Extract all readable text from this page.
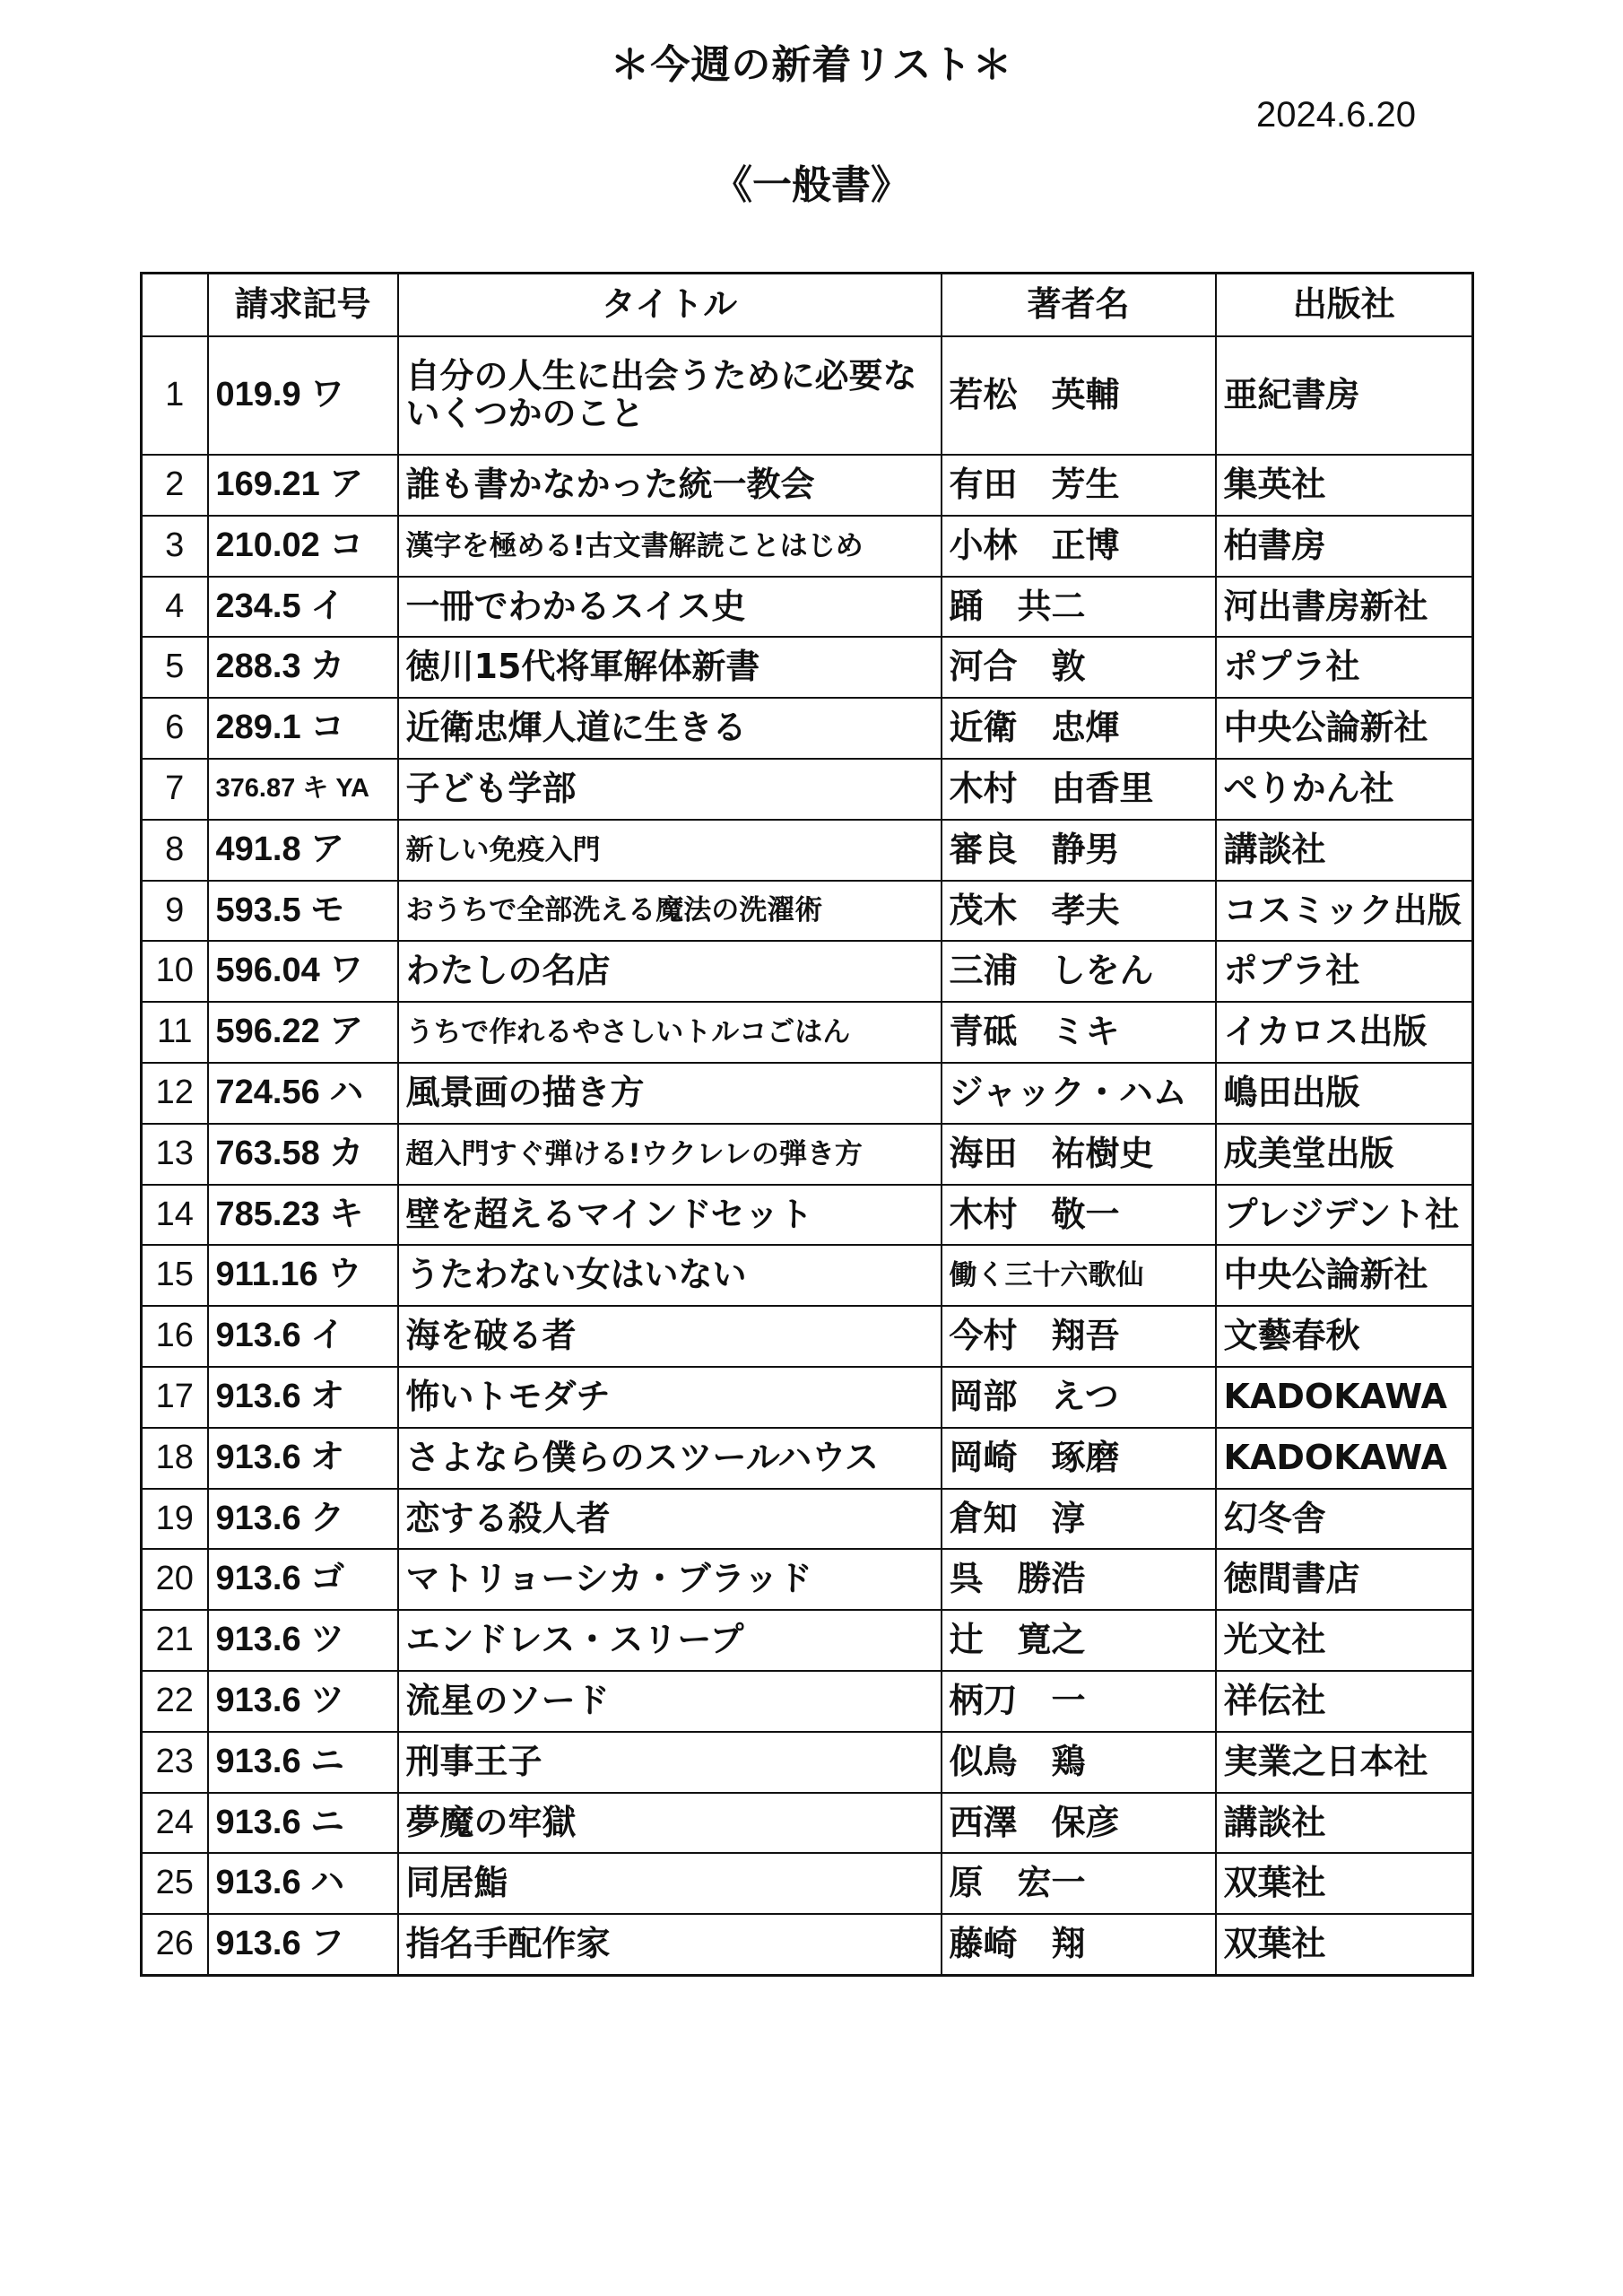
＊今週の新着リスト＊
2024.6.20
《一般書》
	請求記号	タイトル	著者名	出版社
1	019.9 ワ	自分の人生に出会うために必要ないくつかのこと	若松　英輔	亜紀書房
2	169.21 ア	誰も書かなかった統一教会	有田　芳生	集英社
3	210.02 コ	漢字を極める!古文書解読ことはじめ	小林　正博	柏書房
4	234.5 イ	一冊でわかるスイス史	踊　共二	河出書房新社
5	288.3 カ	徳川15代将軍解体新書	河合　敦	ポプラ社
6	289.1 コ	近衛忠煇人道に生きる	近衛　忠煇	中央公論新社
7	376.87 キ YA	子ども学部	木村　由香里	ぺりかん社
8	491.8 ア	新しい免疫入門	審良　静男	講談社
9	593.5 モ	おうちで全部洗える魔法の洗濯術	茂木　孝夫	コスミック出版
10	596.04 ワ	わたしの名店	三浦　しをん	ポプラ社
11	596.22 ア	うちで作れるやさしいトルコごはん	青砥　ミキ	イカロス出版
12	724.56 ハ	風景画の描き方	ジャック・ハム	嶋田出版
13	763.58 カ	超入門すぐ弾ける!ウクレレの弾き方	海田　祐樹史	成美堂出版
14	785.23 キ	壁を超えるマインドセット	木村　敬一	プレジデント社
15	911.16 ウ	うたわない女はいない	働く三十六歌仙	中央公論新社
16	913.6 イ	海を破る者	今村　翔吾	文藝春秋
17	913.6 オ	怖いトモダチ	岡部　えつ	KADOKAWA
18	913.6 オ	さよなら僕らのスツールハウス	岡崎　琢磨	KADOKAWA
19	913.6 ク	恋する殺人者	倉知　淳	幻冬舎
20	913.6 ゴ	マトリョーシカ・ブラッド	呉　勝浩	徳間書店
21	913.6 ツ	エンドレス・スリープ	辻　寛之	光文社
22	913.6 ツ	流星のソード	柄刀　一	祥伝社
23	913.6 ニ	刑事王子	似鳥　鶏	実業之日本社
24	913.6 ニ	夢魔の牢獄	西澤　保彦	講談社
25	913.6 ハ	同居鮨	原　宏一	双葉社
26	913.6 フ	指名手配作家	藤崎　翔	双葉社
